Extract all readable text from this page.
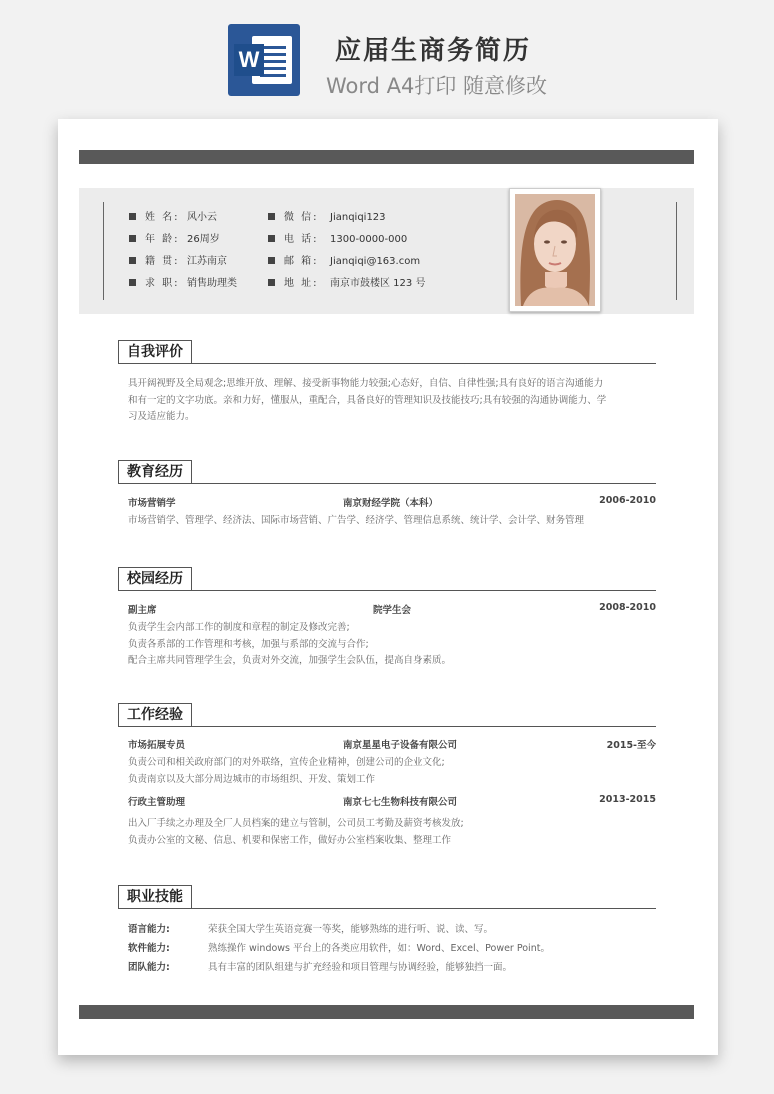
W	应届生商务简历
Word A4打印 随意修改
姓 名: 风小云
年 龄: 26周岁
籍 贯: 江苏南京
求 职: 销售助理类
微 信: Jianqiqi123
电 话: 1300-0000-000
邮 箱: Jianqiqi@163.com
地 址: 南京市鼓楼区 123 号
自我评价
具开阔视野及全局观念;思维开放、理解、接受新事物能力较强;心态好，自信、自律性强;具有良好的语言沟通能力
和有一定的文字功底。亲和力好，懂服从，重配合，具备良好的管理知识及技能技巧;具有较强的沟通协调能力、学
习及适应能力。
教育经历
市场营销学	南京财经学院（本科）	2006-2010
市场营销学、管理学、经济法、国际市场营销、广告学、经济学、管理信息系统、统计学、会计学、财务管理
校园经历
副主席	院学生会	2008-2010
负责学生会内部工作的制度和章程的制定及修改完善;
负责各系部的工作管理和考核，加强与系部的交流与合作;
配合主席共同管理学生会，负责对外交流，加强学生会队伍，提高自身素质。
工作经验
市场拓展专员	南京星星电子设备有限公司	2015-至今
负责公司和相关政府部门的对外联络，宣传企业精神，创建公司的企业文化;
负责南京以及大部分周边城市的市场组织、开发、策划工作
行政主管助理	南京七七生物科技有限公司	2013-2015
出入厂手续之办理及全厂人员档案的建立与管制，公司员工考勤及薪资考核发放;
负责办公室的文秘、信息、机要和保密工作，做好办公室档案收集、整理工作
职业技能
语言能力:	荣获全国大学生英语竞赛一等奖，能够熟练的进行听、说、读、写。
软件能力:	熟练操作 windows 平台上的各类应用软件，如：Word、Excel、Power Point。
团队能力:	具有丰富的团队组建与扩充经验和项目管理与协调经验，能够独挡一面。
